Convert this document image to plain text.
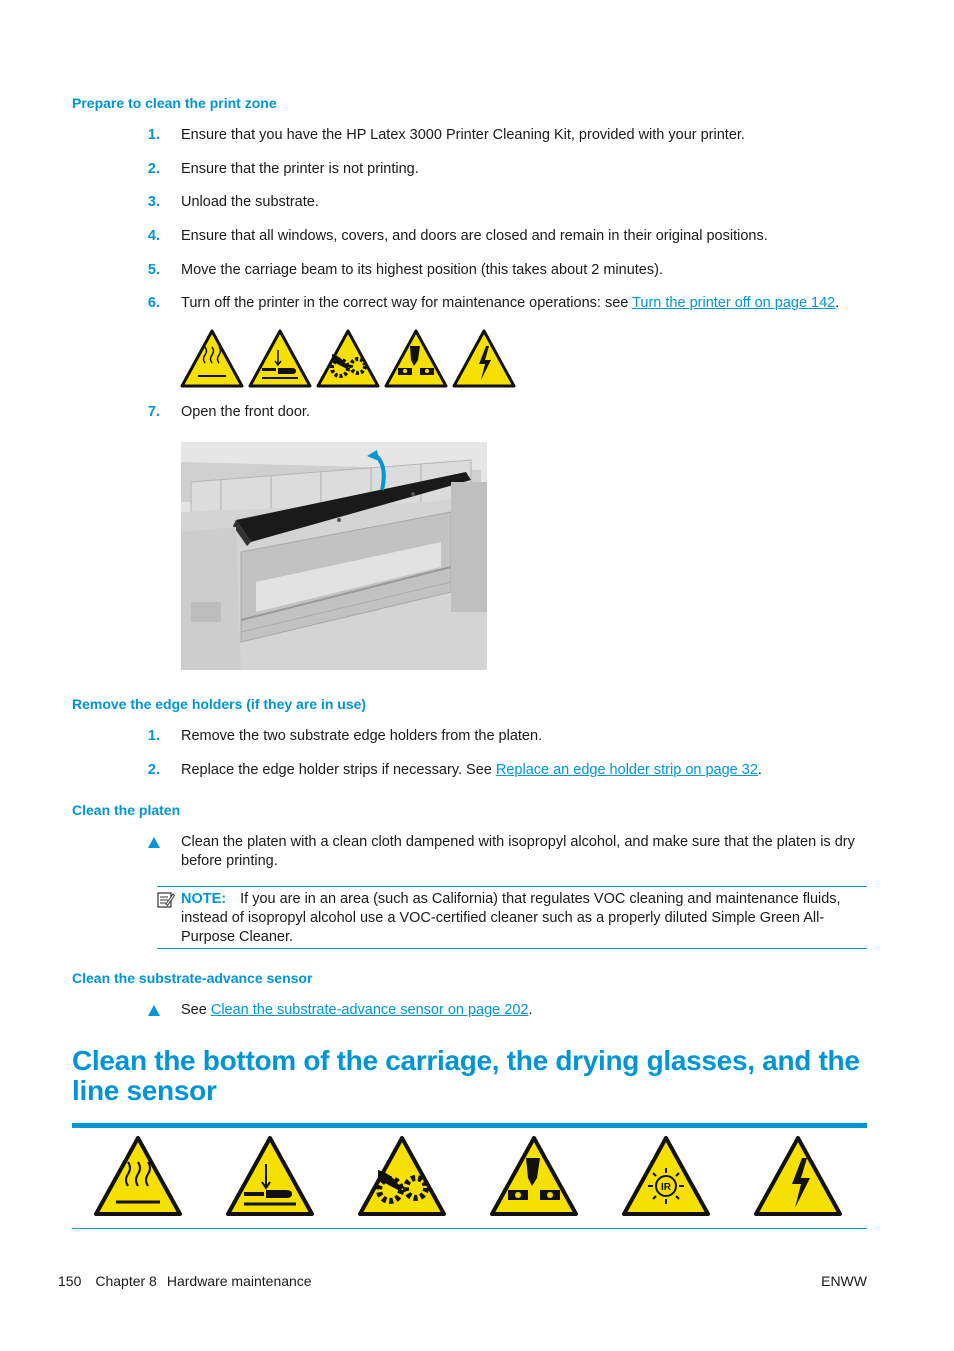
Prepare to clean the print zone
1. Ensure that you have the HP Latex 3000 Printer Cleaning Kit, provided with your printer.
2. Ensure that the printer is not printing.
3. Unload the substrate.
4. Ensure that all windows, covers, and doors are closed and remain in their original positions.
5. Move the carriage beam to its highest position (this takes about 2 minutes).
6. Turn off the printer in the correct way for maintenance operations: see Turn the printer off on page 142.
7. Open the front door.
Remove the edge holders (if they are in use)
1. Remove the two substrate edge holders from the platen.
2. Replace the edge holder strips if necessary. See Replace an edge holder strip on page 32.
Clean the platen
Clean the platen with a clean cloth dampened with isopropyl alcohol, and make sure that the platen is dry before printing.
NOTE: If you are in an area (such as California) that regulates VOC cleaning and maintenance fluids, instead of isopropyl alcohol use a VOC-certified cleaner such as a properly diluted Simple Green All-Purpose Cleaner.
Clean the substrate-advance sensor
See Clean the substrate-advance sensor on page 202.
Clean the bottom of the carriage, the drying glasses, and the line sensor
IR
150 Chapter 8 Hardware maintenance	ENWW
